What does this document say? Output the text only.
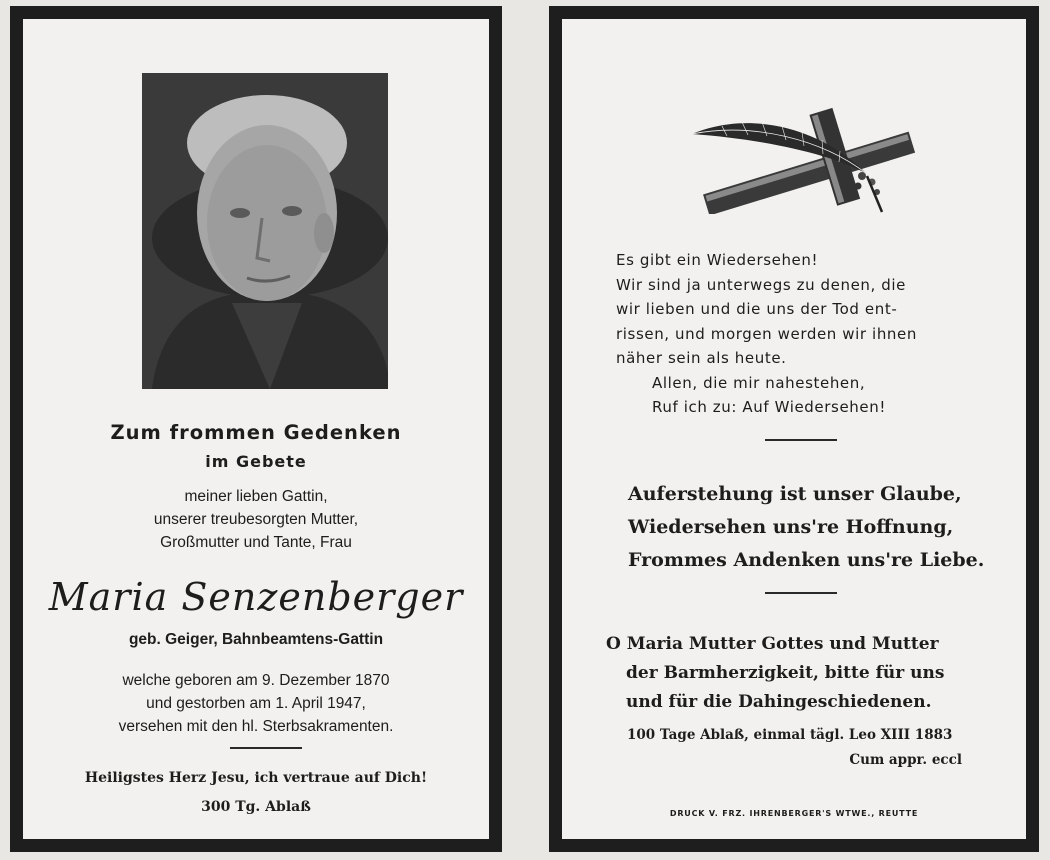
Zum frommen Gedenken
im Gebete
meiner lieben Gattin,
unserer treubesorgten Mutter,
Großmutter und Tante, Frau
Maria Senzenberger
geb. Geiger, Bahnbeamtens-Gattin
welche geboren am 9. Dezember 1870
und gestorben am 1. April 1947,
versehen mit den hl. Sterbsakramenten.
Heiligstes Herz Jesu, ich vertraue auf Dich!
300 Tg. Ablaß
Es gibt ein Wiedersehen!
Wir sind ja unterwegs zu denen, die
wir lieben und die uns der Tod ent-
rissen, und morgen werden wir ihnen
näher sein als heute.
Allen, die mir nahestehen,
Ruf ich zu: Auf Wiedersehen!
Auferstehung ist unser Glaube,
Wiedersehen uns're Hoffnung,
Frommes Andenken uns're Liebe.
O Maria Mutter Gottes und Mutter
der Barmherzigkeit, bitte für uns
und für die Dahingeschiedenen.
100 Tage Ablaß, einmal tägl. Leo XIII 1883
Cum appr. eccl
DRUCK V. FRZ. IHRENBERGER'S WTWE., REUTTE
